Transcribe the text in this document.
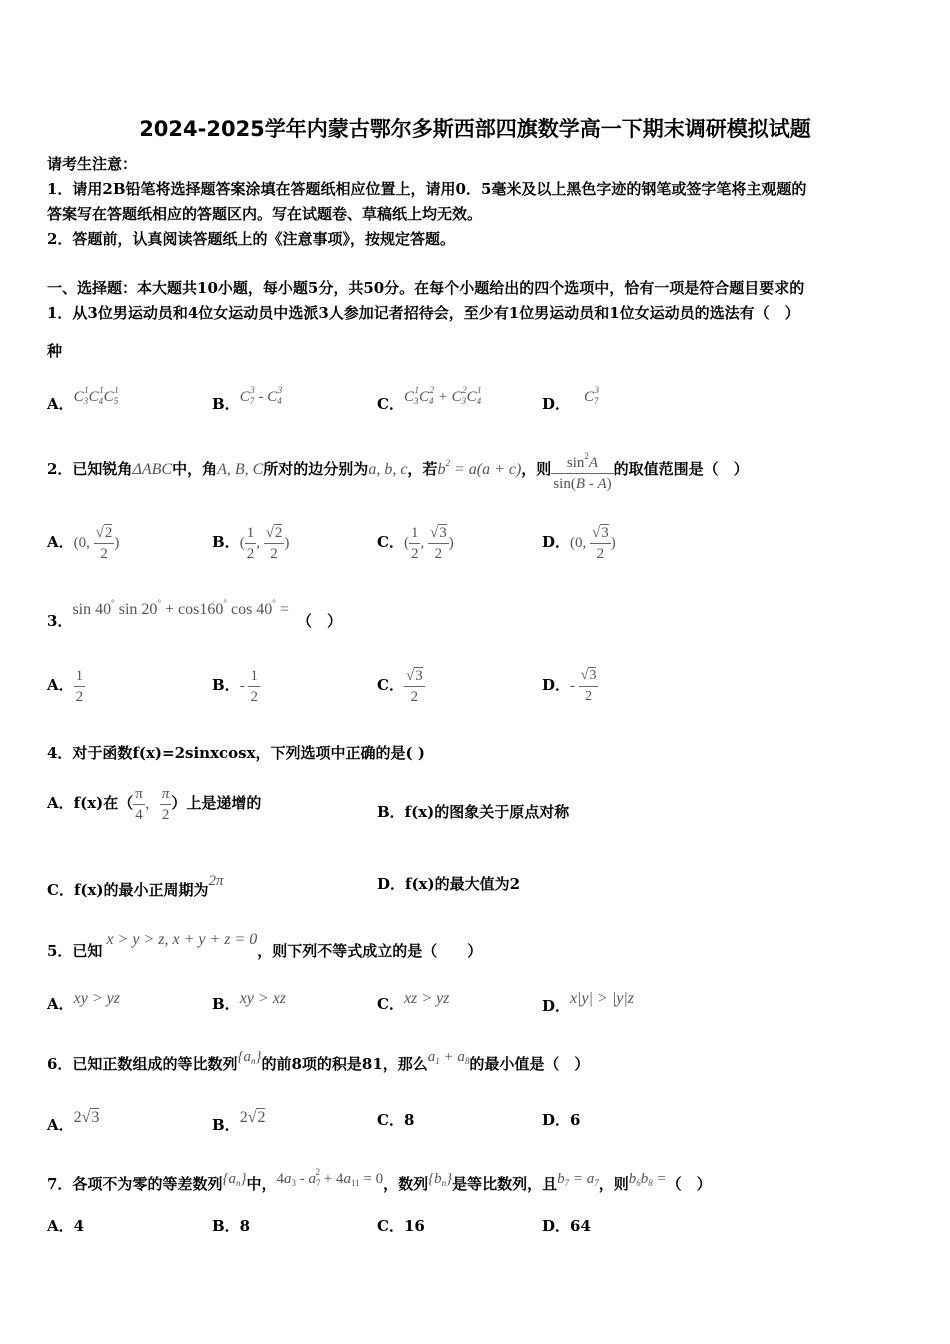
2024-2025学年内蒙古鄂尔多斯西部四旗数学高一下期末调研模拟试题
请考生注意：
1．请用2B铅笔将选择题答案涂填在答题纸相应位置上，请用0．5毫米及以上黑色字迹的钢笔或签字笔将主观题的
答案写在答题纸相应的答题区内。写在试题卷、草稿纸上均无效。
2．答题前，认真阅读答题纸上的《注意事项》，按规定答题。
一、选择题：本大题共10小题，每小题5分，共50分。在每个小题给出的四个选项中，恰有一项是符合题目要求的
1．从3位男运动员和4位女运动员中选派3人参加记者招待会，至少有1位男运动员和1位女运动员的选法有（　）
种
A．$C_3^1C_4^1C_5^1$
B．$C_7^3 - C_4^3$
C．$C_3^1C_4^2 + C_3^2C_4^1$
D． $C_7^3$
2．已知锐角ΔABC中，角A, B, C所对的边分别为a, b, c，若$b^2 = a(a + c)$，则 $\frac{\sin^2A}{\sin(B - A)}$ 的取值范围是（　）
A．(0, $\frac{√2}{2}$ )	B．( $\frac{1}{2}$ , $\frac{√2}{2}$ )	C．( $\frac{1}{2}$ , $\frac{√3}{2}$ )	D．(0, $\frac{√3}{2}$ )
3．sin 40° sin 20° + cos160° cos 40° =（　）
A． $\frac{1}{2}$	B．- $\frac{1}{2}$	C． $\frac{√3}{2}$	D．- $\frac{√3}{2}$
4．对于函数f(x)=2sinxcosx，下列选项中正确的是( )
A．f(x)在（ $\frac{\pi}{4}$ ， $\frac{\pi}{2}$ ）上是递增的	B．f(x)的图象关于原点对称
C．f(x)的最小正周期为2π	D．f(x)的最大值为2
5．已知x > y > z, x + y + z = 0，则下列不等式成立的是（　　）
A．xy > yz	B．xy > xz	C．xz > yz	D．x|y| > |y|z
6．已知正数组成的等比数列$\{a_n\}$的前8项的积是81，那么$a_1 + a_8$的最小值是（　）
A．2√3	B．2√2	C．8	D．6
7．各项不为零的等差数列$\{a_n\}$中，$4a_3 - a_7^2 + 4a_{11} = 0$，数列$\{b_n\}$是等比数列，且$b_7 = a_7$，则$b_6b_8$ =（　）
A．4	B．8	C．16	D．64
